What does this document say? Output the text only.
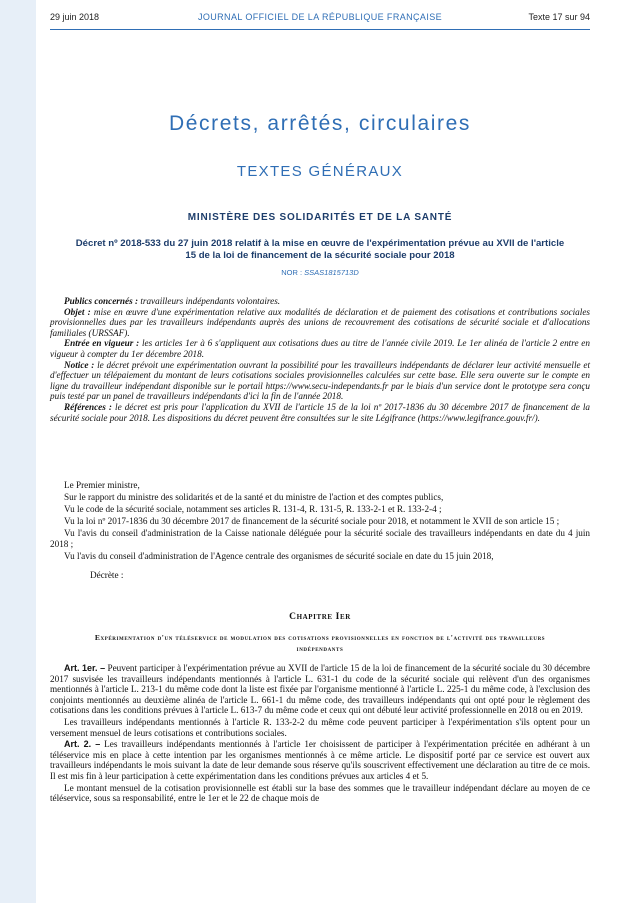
29 juin 2018	JOURNAL OFFICIEL DE LA RÉPUBLIQUE FRANÇAISE	Texte 17 sur 94
Décrets, arrêtés, circulaires
TEXTES GÉNÉRAUX
MINISTÈRE DES SOLIDARITÉS ET DE LA SANTÉ
Décret nº 2018-533 du 27 juin 2018 relatif à la mise en œuvre de l'expérimentation prévue au XVII de l'article 15 de la loi de financement de la sécurité sociale pour 2018
NOR : SSAS1815713D

Publics concernés : travailleurs indépendants volontaires.

Objet : mise en œuvre d'une expérimentation relative aux modalités de déclaration et de paiement des cotisations et contributions sociales provisionnelles dues par les travailleurs indépendants auprès des unions de recouvrement des cotisations de sécurité sociale et d'allocations familiales (URSSAF).

Entrée en vigueur : les articles 1er à 6 s'appliquent aux cotisations dues au titre de l'année civile 2019. Le 1er alinéa de l'article 2 entre en vigueur à compter du 1er décembre 2018.

Notice : le décret prévoit une expérimentation ouvrant la possibilité pour les travailleurs indépendants de déclarer leur activité mensuelle et d'effectuer un télépaiement du montant de leurs cotisations sociales provisionnelles calculées sur cette base. Elle sera ouverte sur le compte en ligne du travailleur indépendant disponible sur le portail https://www.secu-independants.fr par le biais d'un service dont le prototype sera conçu puis testé par un panel de travailleurs indépendants d'ici la fin de l'année 2018.

Références : le décret est pris pour l'application du XVII de l'article 15 de la loi nº 2017-1836 du 30 décembre 2017 de financement de la sécurité sociale pour 2018. Les dispositions du décret peuvent être consultées sur le site Légifrance (https://www.legifrance.gouv.fr/).

Le Premier ministre,

Sur le rapport du ministre des solidarités et de la santé et du ministre de l'action et des comptes publics,

Vu le code de la sécurité sociale, notamment ses articles R. 131-4, R. 131-5, R. 133-2-1 et R. 133-2-4 ;

Vu la loi nº 2017-1836 du 30 décembre 2017 de financement de la sécurité sociale pour 2018, et notamment le XVII de son article 15 ;

Vu l'avis du conseil d'administration de la Caisse nationale déléguée pour la sécurité sociale des travailleurs indépendants en date du 4 juin 2018 ;

Vu l'avis du conseil d'administration de l'Agence centrale des organismes de sécurité sociale en date du 15 juin 2018,

Décrète :

Chapitre Ier
Expérimentation d'un téléservice de modulation des cotisations provisionnelles en fonction de l'activité des travailleurs indépendants

Art. 1er. – Peuvent participer à l'expérimentation prévue au XVII de l'article 15 de la loi de financement de la sécurité sociale du 30 décembre 2017 susvisée les travailleurs indépendants mentionnés à l'article L. 631-1 du code de la sécurité sociale qui relèvent d'un des organismes mentionnés à l'article L. 213-1 du même code dont la liste est fixée par l'organisme mentionné à l'article L. 225-1 du même code, à l'exclusion des conjoints mentionnés au deuxième alinéa de l'article L. 661-1 du même code, des travailleurs indépendants qui ont opté pour le règlement des cotisations dans les conditions prévues à l'article L. 613-7 du même code et ceux qui ont débuté leur activité professionnelle en 2018 ou en 2019.

Les travailleurs indépendants mentionnés à l'article R. 133-2-2 du même code peuvent participer à l'expérimentation s'ils optent pour un versement mensuel de leurs cotisations et contributions sociales.

Art. 2. – Les travailleurs indépendants mentionnés à l'article 1er choisissent de participer à l'expérimentation précitée en adhérant à un téléservice mis en place à cette intention par les organismes mentionnés à ce même article. Le dispositif porté par ce service est ouvert aux travailleurs indépendants le mois suivant la date de leur demande sous réserve qu'ils souscrivent effectivement une déclaration au titre de ce mois. Il est mis fin à leur participation à cette expérimentation dans les conditions prévues aux articles 4 et 5.

Le montant mensuel de la cotisation provisionnelle est établi sur la base des sommes que le travailleur indépendant déclare au moyen de ce téléservice, sous sa responsabilité, entre le 1er et le 22 de chaque mois de
